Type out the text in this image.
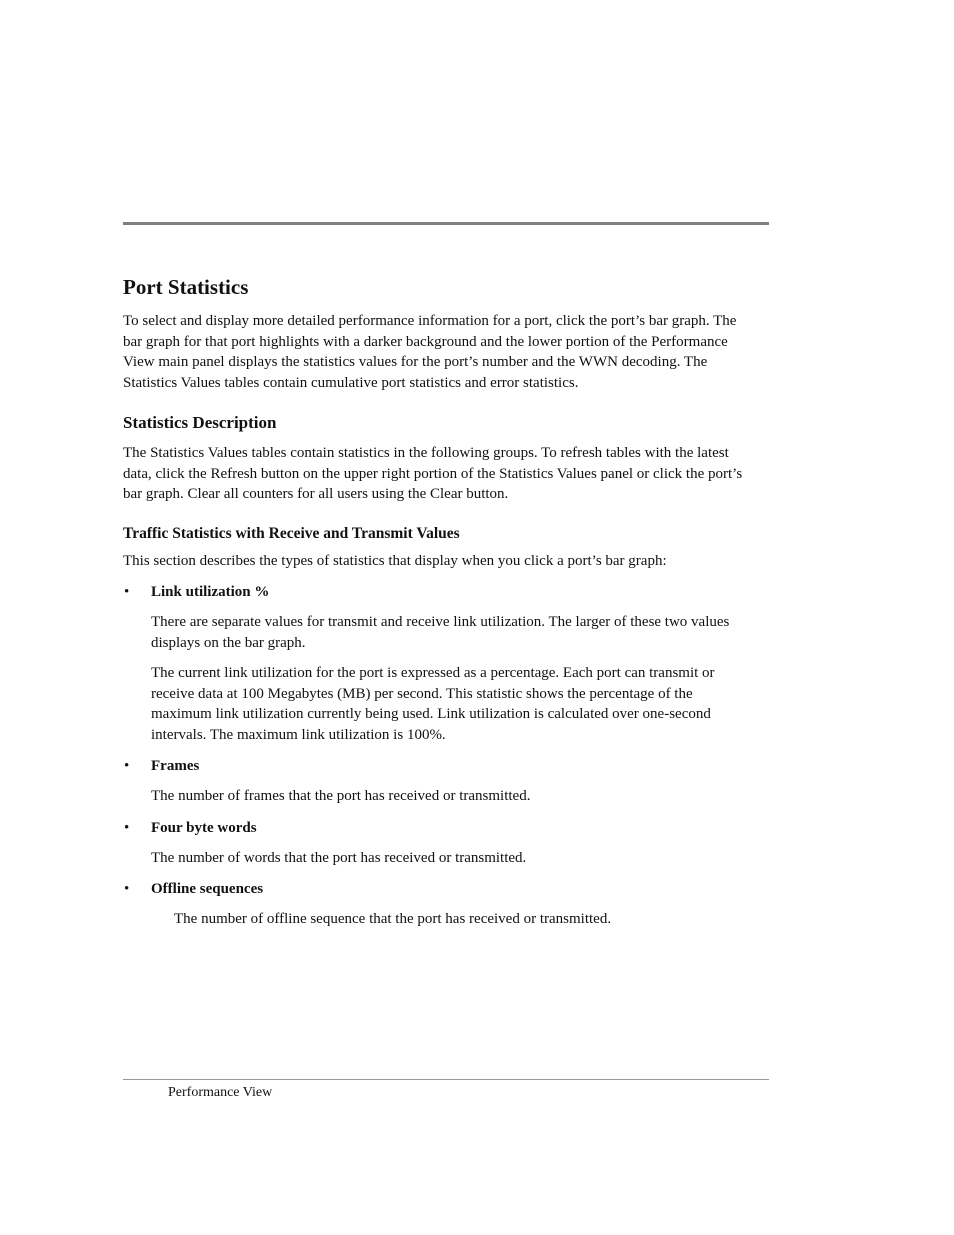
Port Statistics

To select and display more detailed performance information for a port, click the port’s bar graph. The bar graph for that port highlights with a darker background and the lower portion of the Performance View main panel displays the statistics values for the port’s number and the WWN decoding. The Statistics Values tables contain cumulative port statistics and error statistics.

Statistics Description

The Statistics Values tables contain statistics in the following groups. To refresh tables with the latest data, click the Refresh button on the upper right portion of the Statistics Values panel or click the port’s bar graph. Clear all counters for all users using the Clear button.

Traffic Statistics with Receive and Transmit Values

This section describes the types of statistics that display when you click a port’s bar graph:

• Link utilization %

There are separate values for transmit and receive link utilization. The larger of these two values displays on the bar graph.

The current link utilization for the port is expressed as a percentage. Each port can transmit or receive data at 100 Megabytes (MB) per second. This statistic shows the percentage of the maximum link utilization currently being used. Link utilization is calculated over one-second intervals. The maximum link utilization is 100%.

• Frames

The number of frames that the port has received or transmitted.

• Four byte words

The number of words that the port has received or transmitted.

• Offline sequences

The number of offline sequence that the port has received or transmitted.

Performance View
